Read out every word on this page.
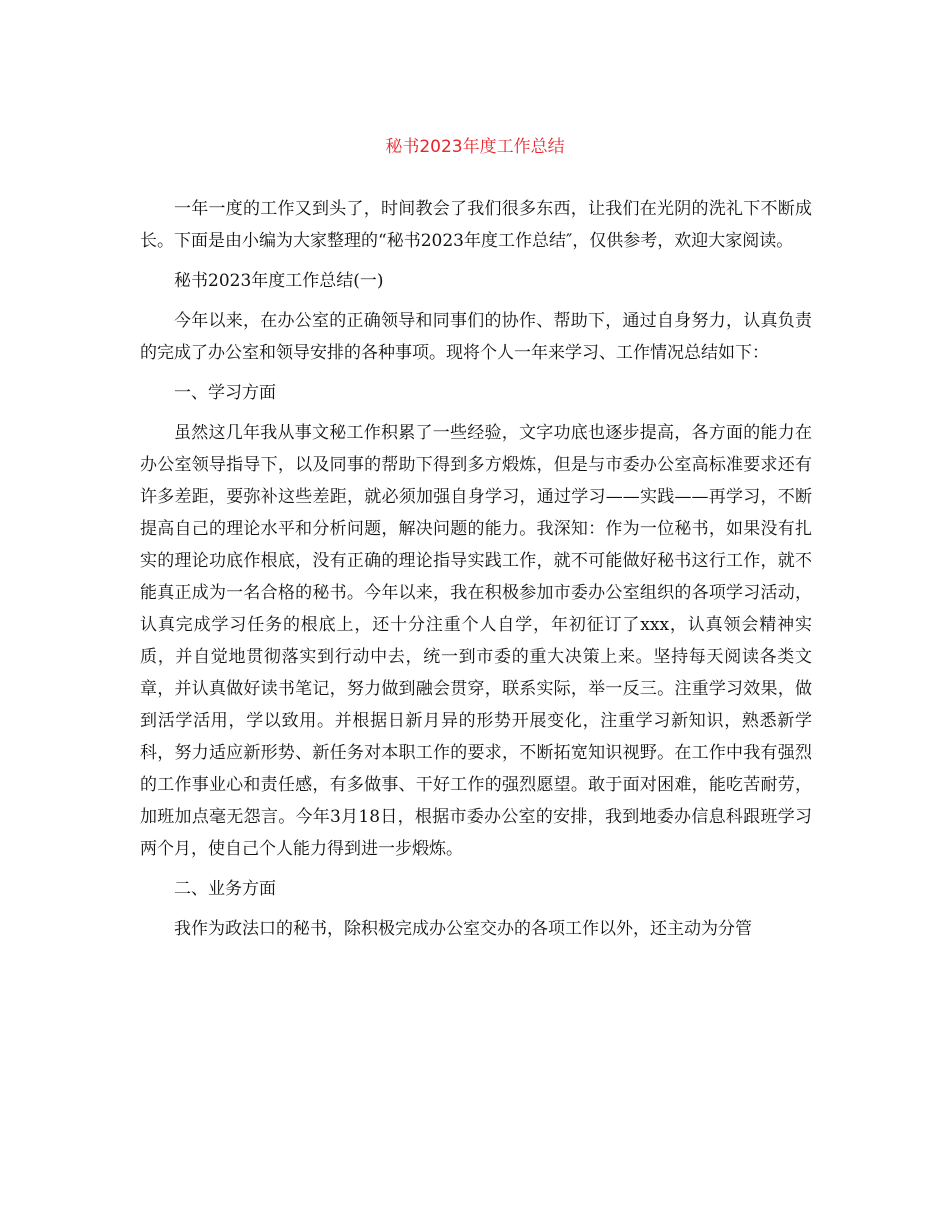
秘书2023年度工作总结

一年一度的工作又到头了，时间教会了我们很多东西，让我们在光阴的洗礼下不断成长。下面是由小编为大家整理的“秘书2023年度工作总结″，仅供参考，欢迎大家阅读。

秘书2023年度工作总结(一)

今年以来，在办公室的正确领导和同事们的协作、帮助下，通过自身努力，认真负责的完成了办公室和领导安排的各种事项。现将个人一年来学习、工作情况总结如下：

一、学习方面

虽然这几年我从事文秘工作积累了一些经验，文字功底也逐步提高，各方面的能力在办公室领导指导下，以及同事的帮助下得到多方煅炼，但是与市委办公室高标准要求还有许多差距，要弥补这些差距，就必须加强自身学习，通过学习——实践——再学习，不断提高自己的理论水平和分析问题，解决问题的能力。我深知：作为一位秘书，如果没有扎实的理论功底作根底，没有正确的理论指导实践工作，就不可能做好秘书这行工作，就不能真正成为一名合格的秘书。今年以来，我在积极参加市委办公室组织的各项学习活动，认真完成学习任务的根底上，还十分注重个人自学，年初征订了xxx，认真领会精神实质，并自觉地贯彻落实到行动中去，统一到市委的重大决策上来。坚持每天阅读各类文章，并认真做好读书笔记，努力做到融会贯穿，联系实际，举一反三。注重学习效果，做到活学活用，学以致用。并根据日新月异的形势开展变化，注重学习新知识，熟悉新学科，努力适应新形势、新任务对本职工作的要求，不断拓宽知识视野。在工作中我有强烈的工作事业心和责任感，有多做事、干好工作的强烈愿望。敢于面对困难，能吃苦耐劳，加班加点毫无怨言。今年3月18日，根据市委办公室的安排，我到地委办信息科跟班学习两个月，使自己个人能力得到进一步煅炼。

二、业务方面

我作为政法口的秘书，除积极完成办公室交办的各项工作以外，还主动为分管
